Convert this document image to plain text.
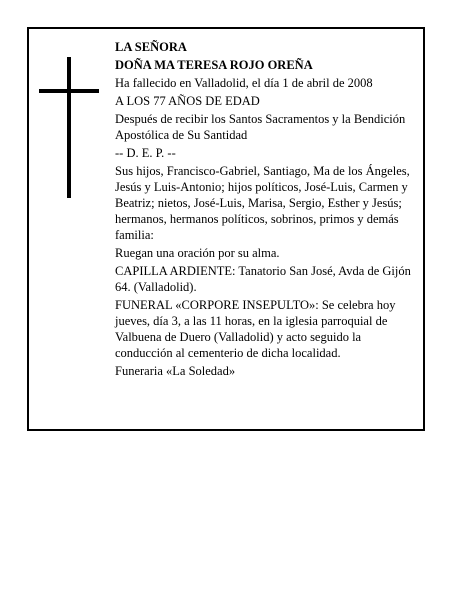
LA SEÑORA

DOÑA MA TERESA ROJO OREÑA

Ha fallecido en Valladolid, el día 1 de abril de 2008

A LOS 77 AÑOS DE EDAD

Después de recibir los Santos Sacramentos y la Bendición Apostólica de Su Santidad

-- D. E. P. --

Sus hijos, Francisco-Gabriel, Santiago, Ma de los Ángeles, Jesús y Luis-Antonio; hijos políticos, José-Luis, Carmen y Beatriz; nietos, José-Luis, Marisa, Sergio, Esther y Jesús; hermanos, hermanos políticos, sobrinos, primos y demás familia:

Ruegan una oración por su alma.

CAPILLA ARDIENTE: Tanatorio San José, Avda de Gijón 64. (Valladolid).

FUNERAL «CORPORE INSEPULTO»: Se celebra hoy jueves, día 3, a las 11 horas, en la iglesia parroquial de Valbuena de Duero (Valladolid) y acto seguido la conducción al cementerio de dicha localidad.

Funeraria «La Soledad»
